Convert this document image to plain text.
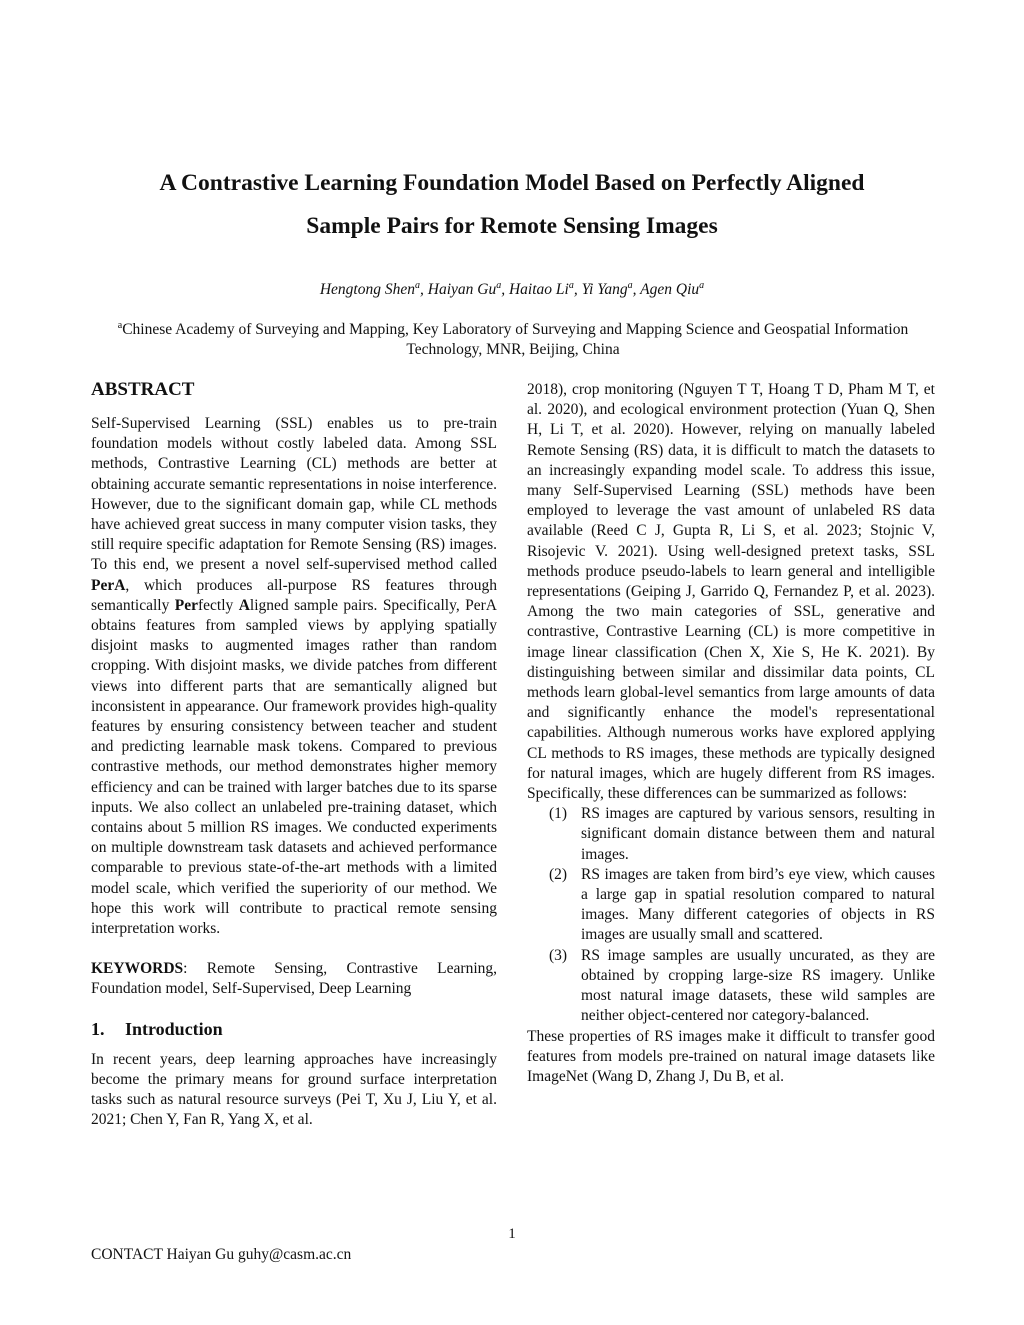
A Contrastive Learning Foundation Model Based on Perfectly Aligned
Sample Pairs for Remote Sensing Images
Hengtong Shen$^a$, Haiyan Gu$^a$, Haitao Li$^a$, Yi Yang$^a$, Agen Qiu$^a$
$^a$Chinese Academy of Surveying and Mapping, Key Laboratory of Surveying and Mapping Science and Geospatial Information Technology, MNR, Beijing, China
ABSTRACT

Self-Supervised Learning (SSL) enables us to pre-train foundation models without costly labeled data. Among SSL methods, Contrastive Learning (CL) methods are better at obtaining accurate semantic representations in noise interference. However, due to the significant domain gap, while CL methods have achieved great success in many computer vision tasks, they still require specific adaptation for Remote Sensing (RS) images. To this end, we present a novel self-supervised method called PerA, which produces all-purpose RS features through semantically Perfectly Aligned sample pairs. Specifically, PerA obtains features from sampled views by applying spatially disjoint masks to augmented images rather than random cropping. With disjoint masks, we divide patches from different views into different parts that are semantically aligned but inconsistent in appearance. Our framework provides high-quality features by ensuring consistency between teacher and student and predicting learnable mask tokens. Compared to previous contrastive methods, our method demonstrates higher memory efficiency and can be trained with larger batches due to its sparse inputs. We also collect an unlabeled pre-training dataset, which contains about 5 million RS images. We conducted experiments on multiple downstream task datasets and achieved performance comparable to previous state-of-the-art methods with a limited model scale, which verified the superiority of our method. We hope this work will contribute to practical remote sensing interpretation works.

KEYWORDS: Remote Sensing, Contrastive Learning, Foundation model, Self-Supervised, Deep Learning

1. Introduction

In recent years, deep learning approaches have increasingly become the primary means for ground surface interpretation tasks such as natural resource surveys (Pei T, Xu J, Liu Y, et al. 2021; Chen Y, Fan R, Yang X, et al.

2018), crop monitoring (Nguyen T T, Hoang T D, Pham M T, et al. 2020), and ecological environment protection (Yuan Q, Shen H, Li T, et al. 2020). However, relying on manually labeled Remote Sensing (RS) data, it is difficult to match the datasets to an increasingly expanding model scale. To address this issue, many Self-Supervised Learning (SSL) methods have been employed to leverage the vast amount of unlabeled RS data available (Reed C J, Gupta R, Li S, et al. 2023; Stojnic V, Risojevic V. 2021). Using well-designed pretext tasks, SSL methods produce pseudo-labels to learn general and intelligible representations (Geiping J, Garrido Q, Fernandez P, et al. 2023). Among the two main categories of SSL, generative and contrastive, Contrastive Learning (CL) is more competitive in image linear classification (Chen X, Xie S, He K. 2021). By distinguishing between similar and dissimilar data points, CL methods learn global-level semantics from large amounts of data and significantly enhance the model's representational capabilities. Although numerous works have explored applying CL methods to RS images, these methods are typically designed for natural images, which are hugely different from RS images. Specifically, these differences can be summarized as follows:

(1) RS images are captured by various sensors, resulting in significant domain distance between them and natural images.
(2) RS images are taken from bird’s eye view, which causes a large gap in spatial resolution compared to natural images. Many different categories of objects in RS images are usually small and scattered.
(3) RS image samples are usually uncurated, as they are obtained by cropping large-size RS imagery. Unlike most natural image datasets, these wild samples are neither object-centered nor category-balanced.

These properties of RS images make it difficult to transfer good features from models pre-trained on natural image datasets like ImageNet (Wang D, Zhang J, Du B, et al.

1
CONTACT Haiyan Gu guhy@casm.ac.cn
